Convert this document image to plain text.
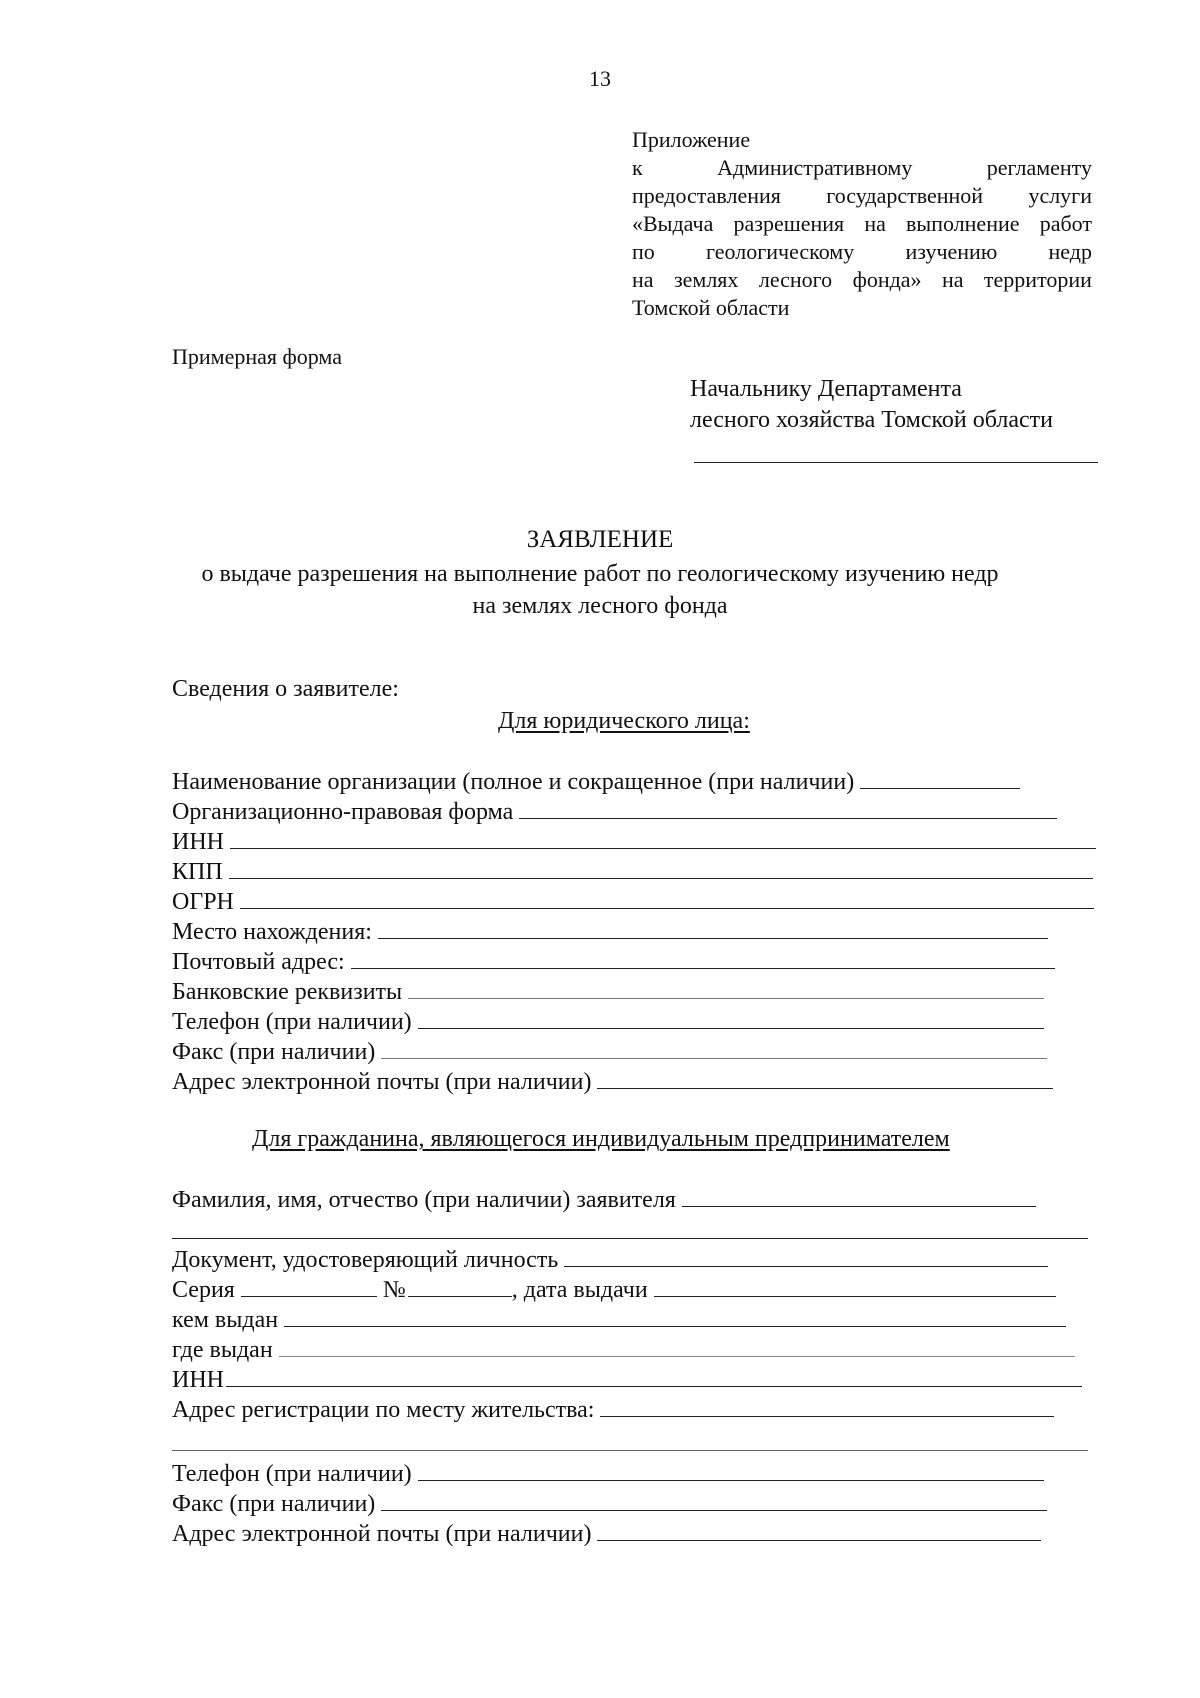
13
Приложение
к	Административному	регламенту
предоставления государственной услуги
«Выдача разрешения на выполнение работ
по геологическому изучению недр
на землях лесного фонда» на территории
Томской области
Примерная форма
Начальнику Департамента
лесного хозяйства Томской области
ЗАЯВЛЕНИЕ
о выдаче разрешения на выполнение работ по геологическому изучению недр
на землях лесного фонда
Сведения о заявителе:
Для юридического лица:
Наименование организации (полное и сокращенное (при наличии)
Организационно-правовая форма
ИНН
КПП
ОГРН
Место нахождения:
Почтовый адрес:
Банковские реквизиты
Телефон (при наличии)
Факс (при наличии)
Адрес электронной почты (при наличии)
Для гражданина, являющегося индивидуальным предпринимателем
Фамилия, имя, отчество (при наличии) заявителя
Документ, удостоверяющий личность
Серия	№	, дата выдачи
кем выдан
где выдан
ИНН
Адрес регистрации по месту жительства:
Телефон (при наличии)
Факс (при наличии)
Адрес электронной почты (при наличии)
